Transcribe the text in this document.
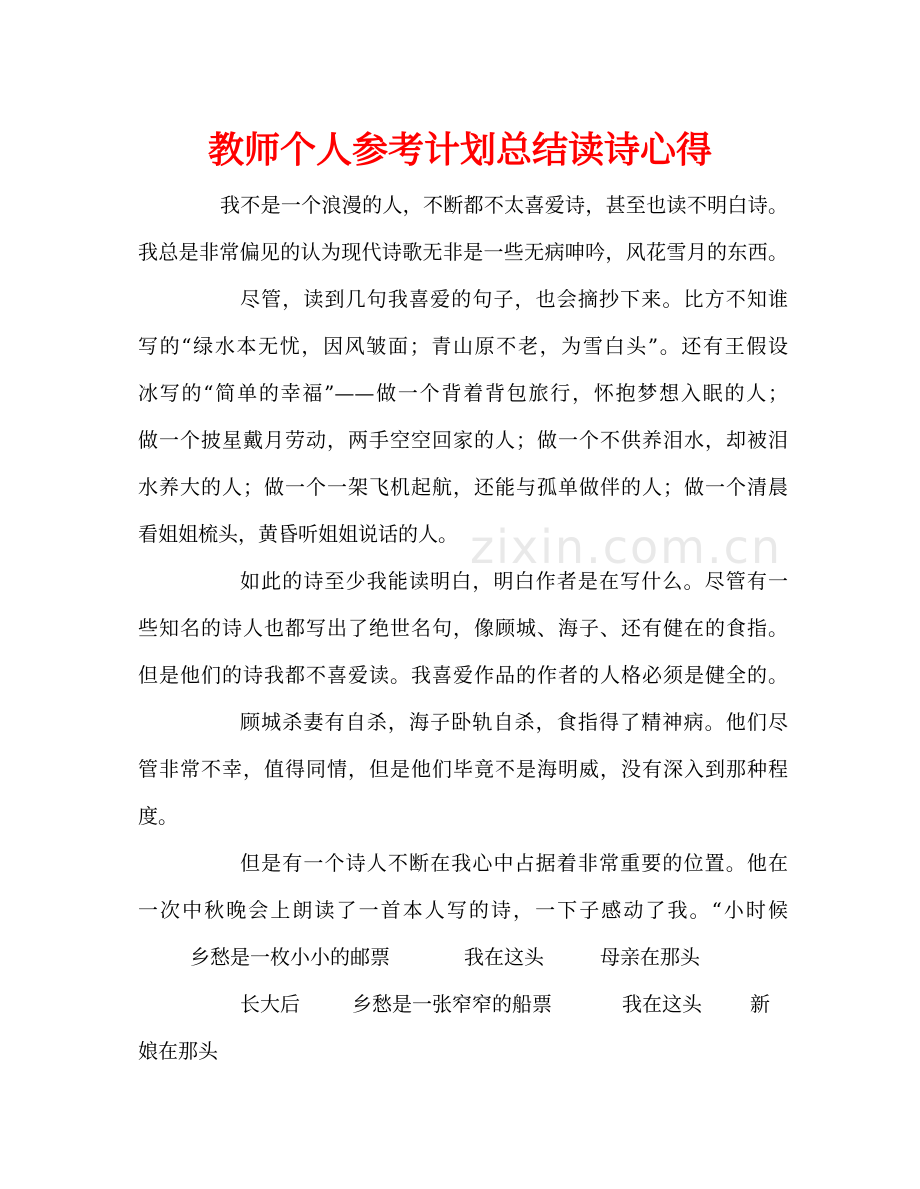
zixin.com.cn
教师个人参考计划总结读诗心得
我不是一个浪漫的人，不断都不太喜爱诗，甚至也读不明白诗。
我总是非常偏见的认为现代诗歌无非是一些无病呻吟，风花雪月的东西。
尽管，读到几句我喜爱的句子，也会摘抄下来。比方不知谁
写的“绿水本无忧，因风皱面；青山原不老，为雪白头”。还有王假设
冰写的“简单的幸福”——做一个背着背包旅行，怀抱梦想入眠的人；
做一个披星戴月劳动，两手空空回家的人；做一个不供养泪水，却被泪
水养大的人；做一个一架飞机起航，还能与孤单做伴的人；做一个清晨
看姐姐梳头，黄昏听姐姐说话的人。
如此的诗至少我能读明白，明白作者是在写什么。尽管有一
些知名的诗人也都写出了绝世名句，像顾城、海子、还有健在的食指。
但是他们的诗我都不喜爱读。我喜爱作品的作者的人格必须是健全的。
顾城杀妻有自杀，海子卧轨自杀，食指得了精神病。他们尽
管非常不幸，值得同情，但是他们毕竟不是海明威，没有深入到那种程
度。
但是有一个诗人不断在我心中占据着非常重要的位置。他在
一次中秋晚会上朗读了一首本人写的诗，一下子感动了我。“小时候
乡愁是一枚小小的邮票	我在这头	母亲在那头
长大后	乡愁是一张窄窄的船票	我在这头 新
娘在那头
